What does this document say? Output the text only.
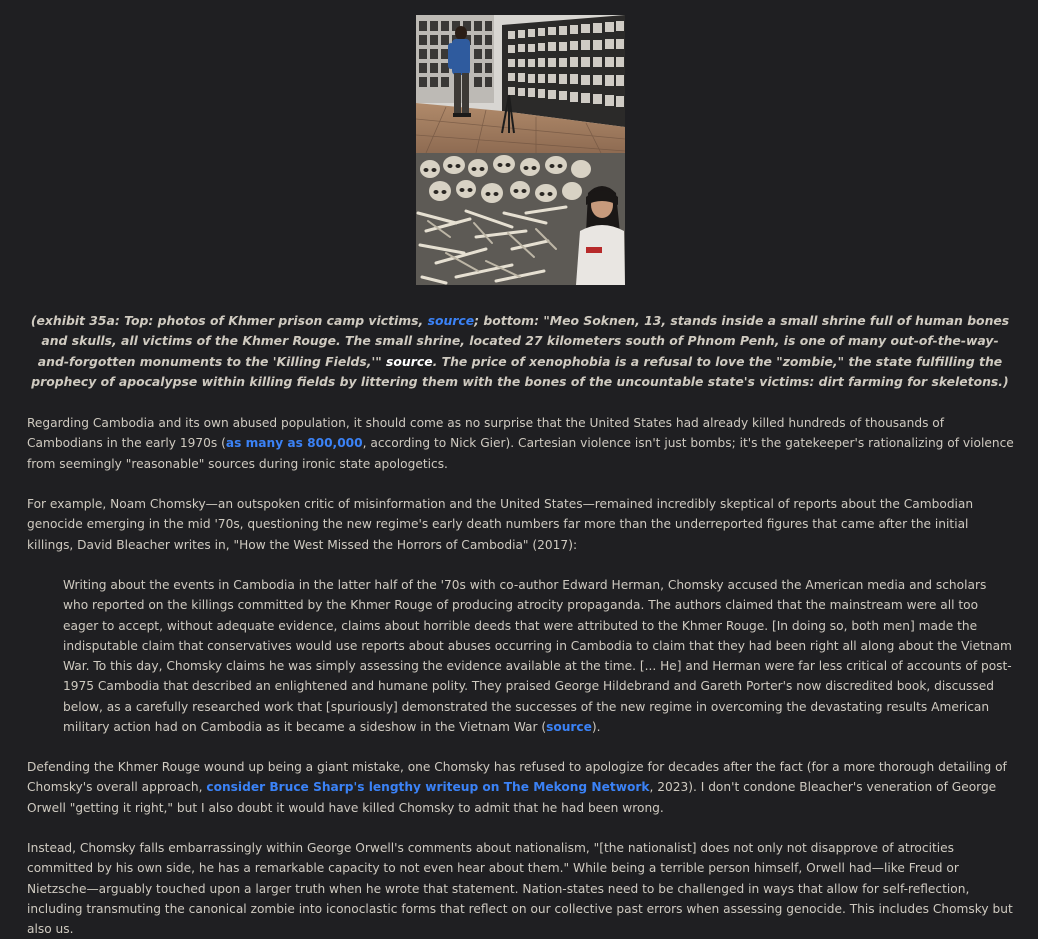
(exhibit 35a: Top: photos of Khmer prison camp victims, source; bottom: "Meo Soknen, 13, stands inside a small shrine full of human bones and skulls, all victims of the Khmer Rouge. The small shrine, located 27 kilometers south of Phnom Penh, is one of many out-of-the-way-and-forgotten monuments to the 'Killing Fields,'" source. The price of xenophobia is a refusal to love the "zombie," the state fulfilling the prophecy of apocalypse within killing fields by littering them with the bones of the uncountable state's victims: dirt farming for skeletons.)
Regarding Cambodia and its own abused population, it should come as no surprise that the United States had already killed hundreds of thousands of Cambodians in the early 1970s (as many as 800,000, according to Nick Gier). Cartesian violence isn't just bombs; it's the gatekeeper's rationalizing of violence from seemingly "reasonable" sources during ironic state apologetics.
For example, Noam Chomsky—an outspoken critic of misinformation and the United States—remained incredibly skeptical of reports about the Cambodian genocide emerging in the mid '70s, questioning the new regime's early death numbers far more than the underreported figures that came after the initial killings, David Bleacher writes in, "How the West Missed the Horrors of Cambodia" (2017):
Writing about the events in Cambodia in the latter half of the '70s with co-author Edward Herman, Chomsky accused the American media and scholars who reported on the killings committed by the Khmer Rouge of producing atrocity propaganda. The authors claimed that the mainstream were all too eager to accept, without adequate evidence, claims about horrible deeds that were attributed to the Khmer Rouge. [In doing so, both men] made the indisputable claim that conservatives would use reports about abuses occurring in Cambodia to claim that they had been right all along about the Vietnam War. To this day, Chomsky claims he was simply assessing the evidence available at the time. [... He] and Herman were far less critical of accounts of post-1975 Cambodia that described an enlightened and humane polity. They praised George Hildebrand and Gareth Porter's now discredited book, discussed below, as a carefully researched work that [spuriously] demonstrated the successes of the new regime in overcoming the devastating results American military action had on Cambodia as it became a sideshow in the Vietnam War (source).
Defending the Khmer Rouge wound up being a giant mistake, one Chomsky has refused to apologize for decades after the fact (for a more thorough detailing of Chomsky's overall approach, consider Bruce Sharp's lengthy writeup on The Mekong Network, 2023). I don't condone Bleacher's veneration of George Orwell "getting it right," but I also doubt it would have killed Chomsky to admit that he had been wrong.
Instead, Chomsky falls embarrassingly within George Orwell's comments about nationalism, "[the nationalist] does not only not disapprove of atrocities committed by his own side, he has a remarkable capacity to not even hear about them." While being a terrible person himself, Orwell had—like Freud or Nietzsche—arguably touched upon a larger truth when he wrote that statement. Nation-states need to be challenged in ways that allow for self-reflection, including transmuting the canonical zombie into iconoclastic forms that reflect on our collective past errors when assessing genocide. This includes Chomsky but also us.
